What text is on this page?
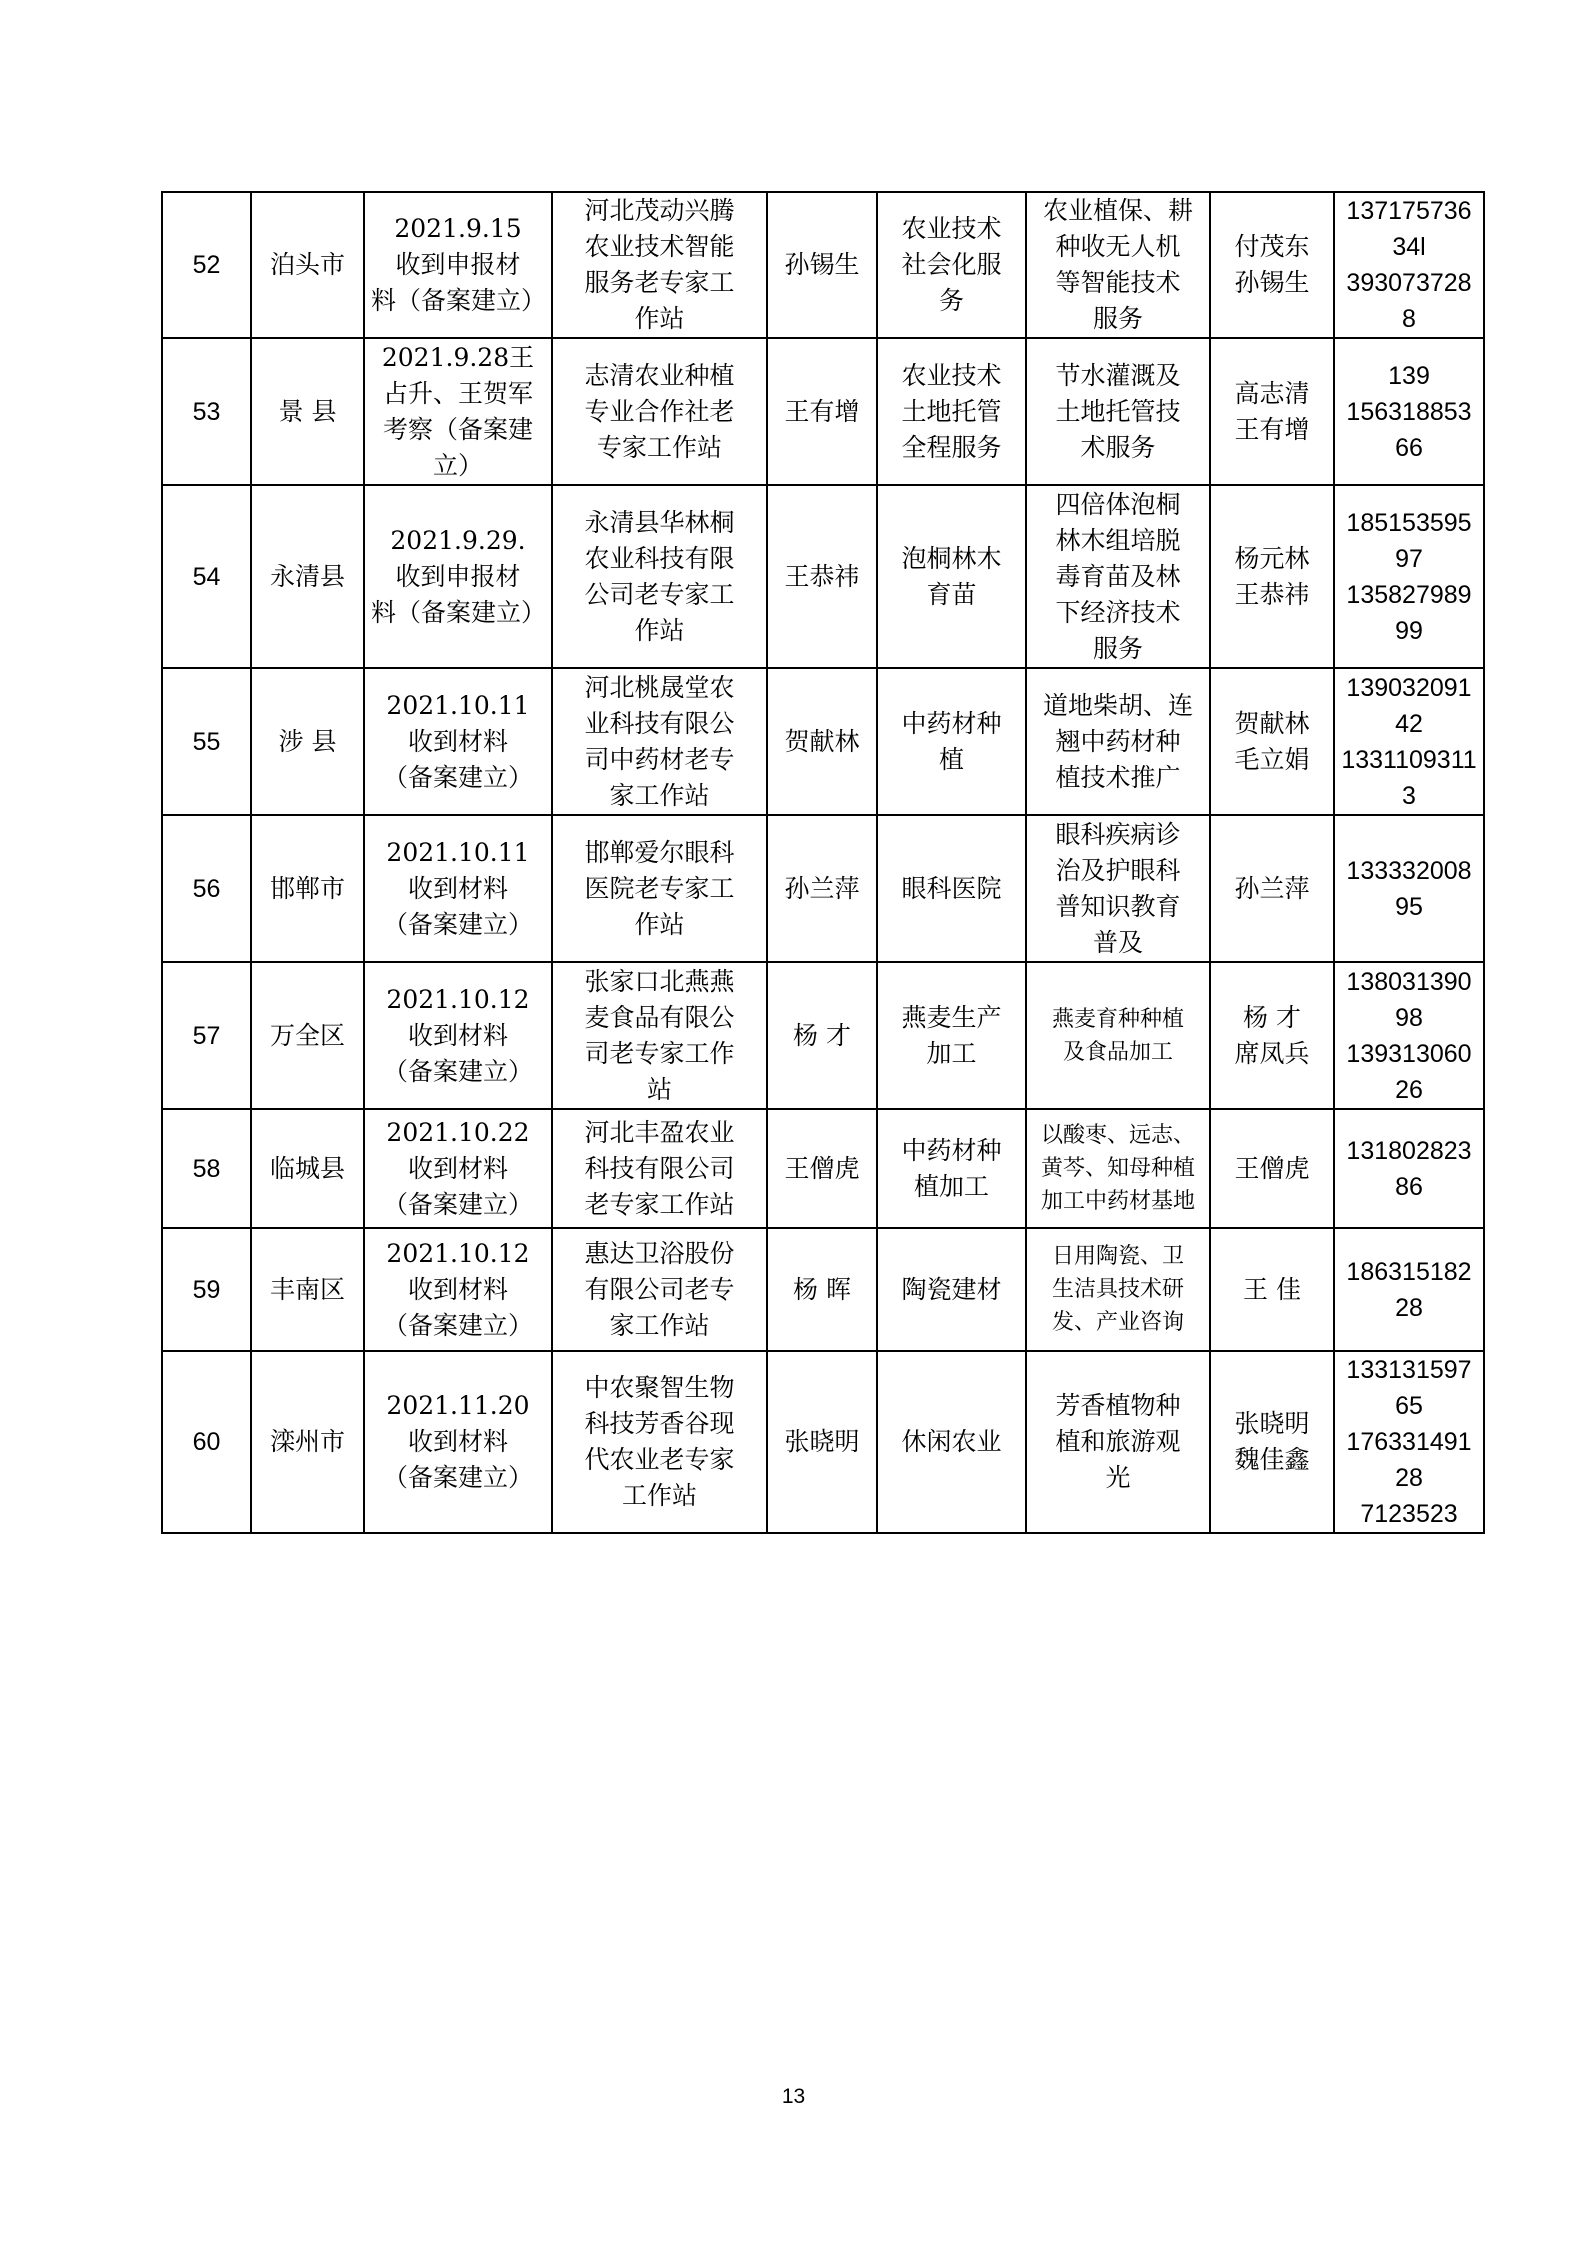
52	泊头市	2021.9.15
收到申报材
料（备案建立）	河北茂动兴腾
农业技术智能
服务老专家工
作站	孙锡生	农业技术
社会化服
务	农业植保、耕
种收无人机
等智能技术
服务	付茂东
孙锡生	13717573634l
3930737288

53	景 县	2021.9.28王
占升、王贺军
考察（备案建
立）	志清农业种植
专业合作社老
专家工作站	王有增	农业技术
土地托管
全程服务	节水灌溉及
土地托管技
术服务	高志清
王有增	139
15631885366

54	永清县	2021.9.29.
收到申报材
料（备案建立）	永清县华林桐
农业科技有限
公司老专家工
作站	王恭祎	泡桐林木
育苗	四倍体泡桐
林木组培脱
毒育苗及林
下经济技术
服务	杨元林
王恭祎	18515359597
13582798999

55	涉 县	2021.10.11
收到材料
（备案建立）	河北桃晟堂农
业科技有限公
司中药材老专
家工作站	贺献林	中药材种
植	道地柴胡、连
翘中药材种
植技术推广	贺献林
毛立娟	13903209142
13311093113

56	邯郸市	2021.10.11
收到材料
（备案建立）	邯郸爱尔眼科
医院老专家工
作站	孙兰萍	眼科医院	眼科疾病诊
治及护眼科
普知识教育
普及	孙兰萍	13333200895

57	万全区	2021.10.12
收到材料
（备案建立）	张家口北燕燕
麦食品有限公
司老专家工作
站	杨 才	燕麦生产
加工	燕麦育种种植
及食品加工	杨 才
席凤兵	13803139098
13931306026

58	临城县	2021.10.22
收到材料
（备案建立）	河北丰盈农业
科技有限公司
老专家工作站	王僧虎	中药材种
植加工	以酸枣、远志、
黄芩、知母种植
加工中药材基地	王僧虎	13180282386

59	丰南区	2021.10.12
收到材料
（备案建立）	惠达卫浴股份
有限公司老专
家工作站	杨 晖	陶瓷建材	日用陶瓷、卫
生洁具技术研
发、产业咨询	王 佳	18631518228

60	滦州市	2021.11.20
收到材料
（备案建立）	中农聚智生物
科技芳香谷现
代农业老专家
工作站	张晓明	休闲农业	芳香植物种
植和旅游观
光	张晓明
魏佳鑫	13313159765
17633149128
7123523
13
